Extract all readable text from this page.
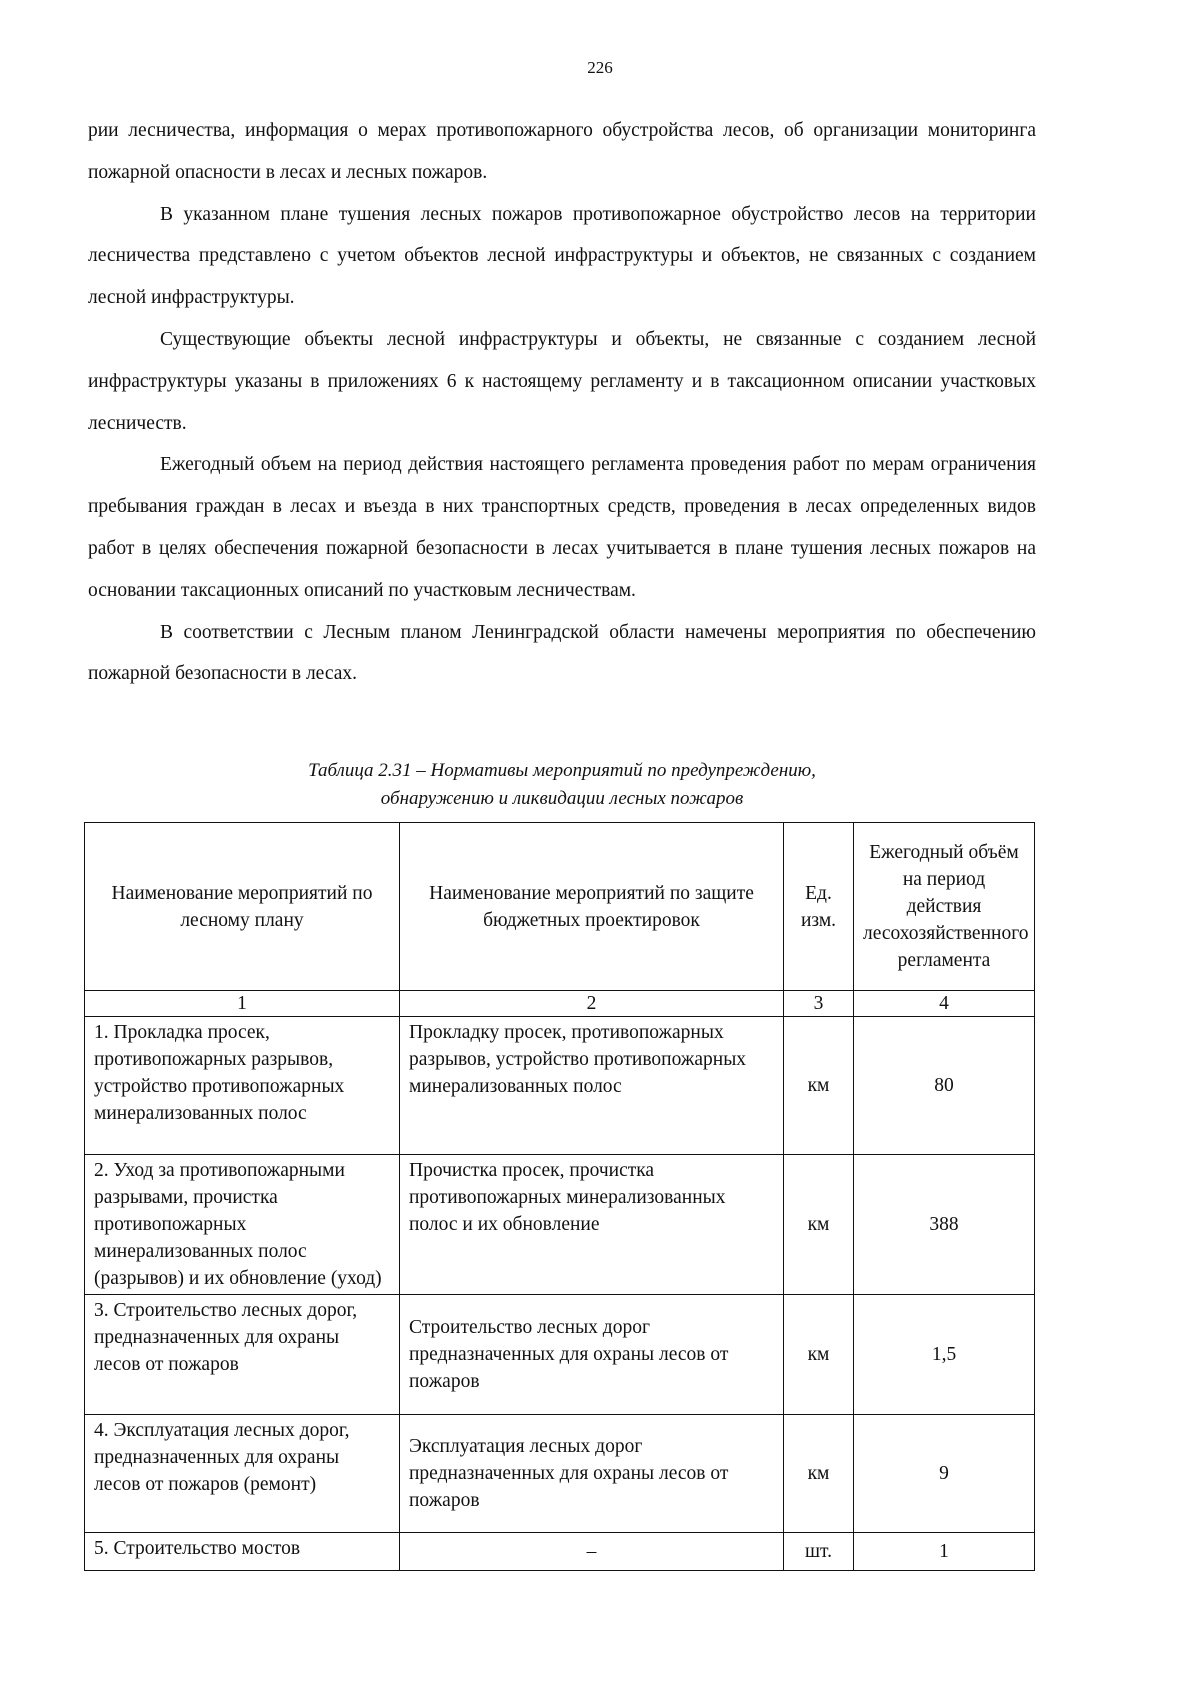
226

рии лесничества, информация о мерах противопожарного обустройства лесов, об организации мониторинга пожарной опасности в лесах и лесных пожаров.

В указанном плане тушения лесных пожаров противопожарное обустройство лесов на территории лесничества представлено с учетом объектов лесной инфраструктуры и объектов, не связанных с созданием лесной инфраструктуры.

Существующие объекты лесной инфраструктуры и объекты, не связанные с созданием лесной инфраструктуры указаны в приложениях 6 к настоящему регламенту и в таксационном описании участковых лесничеств.

Ежегодный объем на период действия настоящего регламента проведения работ по мерам ограничения пребывания граждан в лесах и въезда в них транспортных средств, проведения в лесах определенных видов работ в целях обеспечения пожарной безопасности в лесах учитывается в плане тушения лесных пожаров на основании таксационных описаний по участковым лесничествам.

В соответствии с Лесным планом Ленинградской области намечены мероприятия по обеспечению пожарной безопасности в лесах.

Таблица 2.31 – Нормативы мероприятий по предупреждению,
обнаружению и ликвидации лесных пожаров
Наименование мероприятий по лесному плану	Наименование мероприятий по защите бюджетных проектировок	Ед. изм.	Ежегодный объём на период действия лесохозяйственного регламента
1	2	3	4
1. Прокладка просек, противопожарных разрывов, устройство противопожарных минерализованных полос	Прокладку просек, противопожарных разрывов, устройство противопожарных минерализованных полос	км	80
2. Уход за противопожарными разрывами, прочистка противопожарных минерализованных полос (разрывов) и их обновление (уход)	Прочистка просек, прочистка противопожарных минерализованных полос и их обновление	км	388
3. Строительство лесных дорог, предназначенных для охраны лесов от пожаров	Строительство лесных дорог предназначенных для охраны лесов от пожаров	км	1,5
4. Эксплуатация лесных дорог, предназначенных для охраны лесов от пожаров (ремонт)	Эксплуатация лесных дорог предназначенных для охраны лесов от пожаров	км	9
5. Строительство мостов	–	шт.	1
